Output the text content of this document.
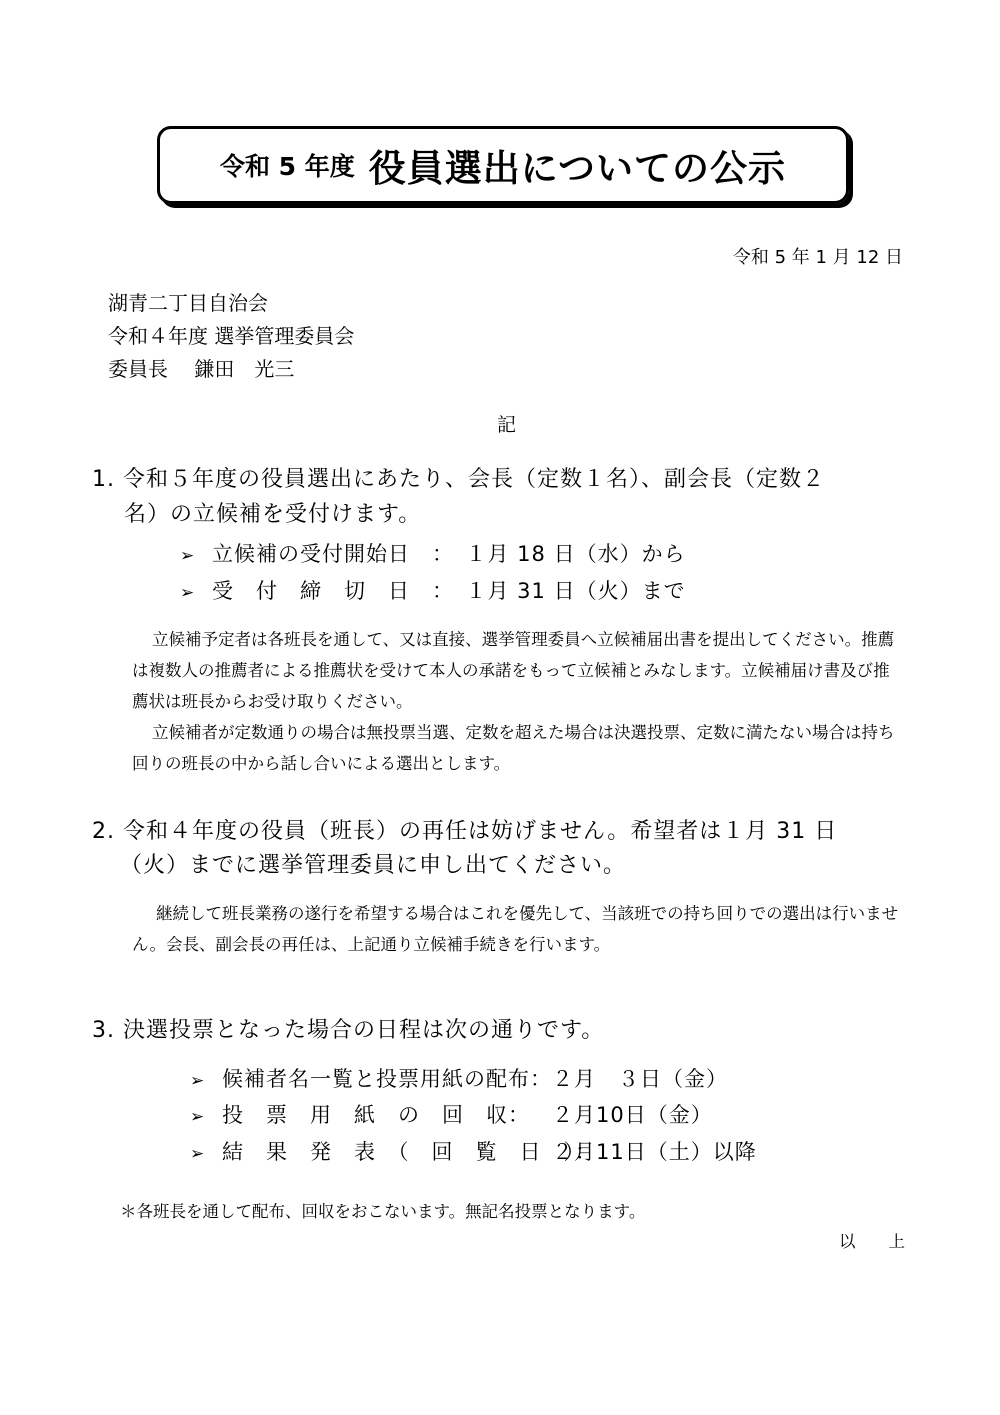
令和 5 年度 役員選出についての公示
令和 5 年 1 月 12 日
湖青二丁目自治会
令和４年度 選挙管理委員会
委員長　 鎌田　光三
記
1. 令和５年度の役員選出にあたり、会長（定数１名）、副会長（定数２
名）の立候補を受付けます。
➢ 立候補の受付開始日　：　１月 18 日（水）から
➢ 受　付　締　切　日　：　１月 31 日（火）まで
立候補予定者は各班長を通して、又は直接、選挙管理委員へ立候補届出書を提出してください。推薦は複数人の推薦者による推薦状を受けて本人の承諾をもって立候補とみなします。立候補届け書及び推薦状は班長からお受け取りください。
立候補者が定数通りの場合は無投票当選、定数を超えた場合は決選投票、定数に満たない場合は持ち回りの班長の中から話し合いによる選出とします。
2. 令和４年度の役員（班長）の再任は妨げません。希望者は１月 31 日
（火）までに選挙管理委員に申し出てください。
継続して班長業務の遂行を希望する場合はこれを優先して、当該班での持ち回りでの選出は行いません。会長、副会長の再任は、上記通り立候補手続きを行います。
3. 決選投票となった場合の日程は次の通りです。
➢ 候補者名一覧と投票用紙の配布：２月　３日（金）
➢ 投　票　用　紙　の　回　収： ２月10日（金）
➢ 結　果　発　表　（　回　覧　日　）：２月11日（土）以降
＊各班長を通して配布、回収をおこないます。無記名投票となります。
以　　上
